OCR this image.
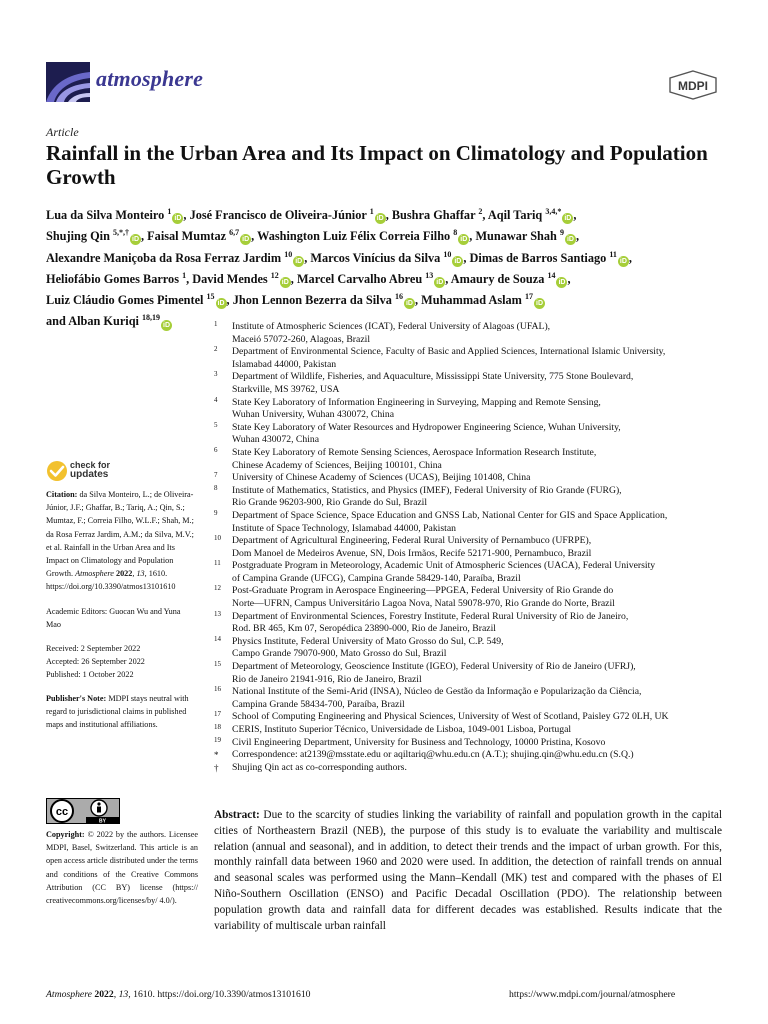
atmosphere	MDPI
Article
Rainfall in the Urban Area and Its Impact on Climatology and Population Growth
Lua da Silva Monteiro $^1$iD , José Francisco de Oliveira-Júnior $^1$iD , Bushra Ghaffar $^2$, Aqil Tariq $^{3,4,*}$iD ,
Shujing Qin $^{5,*,\dagger}$iD , Faisal Mumtaz $^{6,7}$iD , Washington Luiz Félix Correia Filho $^8$iD , Munawar Shah $^9$iD ,
Alexandre Maniçoba da Rosa Ferraz Jardim $^{10}$iD , Marcos Vinícius da Silva $^{10}$iD , Dimas de Barros Santiago $^{11}$iD ,
Heliofábio Gomes Barros $^1$, David Mendes $^{12}$iD , Marcel Carvalho Abreu $^{13}$iD , Amaury de Souza $^{14}$iD ,
Luiz Cláudio Gomes Pimentel $^{15}$iD , Jhon Lennon Bezerra da Silva $^{16}$iD , Muhammad Aslam $^{17}$iD
and Alban Kuriqi $^{18,19}$iD	1 Institute of Atmospheric Sciences (ICAT), Federal University of Alagoas (UFAL),
Maceió 57072-260, Alagoas, Brazil
2 Department of Environmental Science, Faculty of Basic and Applied Sciences, International Islamic University,
Islamabad 44000, Pakistan
3 Department of Wildlife, Fisheries, and Aquaculture, Mississippi State University, 775 Stone Boulevard,
Starkville, MS 39762, USA
4 State Key Laboratory of Information Engineering in Surveying, Mapping and Remote Sensing,
Wuhan University, Wuhan 430072, China
5 State Key Laboratory of Water Resources and Hydropower Engineering Science, Wuhan University,
Wuhan 430072, China
6 State Key Laboratory of Remote Sensing Sciences, Aerospace Information Research Institute,
Chinese Academy of Sciences, Beijing 100101, China
7 University of Chinese Academy of Sciences (UCAS), Beijing 101408, China
8 Institute of Mathematics, Statistics, and Physics (IMEF), Federal University of Rio Grande (FURG),
Rio Grande 96203-900, Rio Grande do Sul, Brazil
9 Department of Space Science, Space Education and GNSS Lab, National Center for GIS and Space Application,
Institute of Space Technology, Islamabad 44000, Pakistan
10 Department of Agricultural Engineering, Federal Rural University of Pernambuco (UFRPE),
Dom Manoel de Medeiros Avenue, SN, Dois Irmãos, Recife 52171-900, Pernambuco, Brazil
11 Postgraduate Program in Meteorology, Academic Unit of Atmospheric Sciences (UACA), Federal University
of Campina Grande (UFCG), Campina Grande 58429-140, Paraíba, Brazil
12 Post-Graduate Program in Aerospace Engineering—PPGEA, Federal University of Rio Grande do
Norte—UFRN, Campus Universitário Lagoa Nova, Natal 59078-970, Rio Grande do Norte, Brazil
13 Department of Environmental Sciences, Forestry Institute, Federal Rural University of Rio de Janeiro,
Rod. BR 465, Km 07, Seropédica 23890-000, Rio de Janeiro, Brazil
14 Physics Institute, Federal University of Mato Grosso do Sul, C.P. 549,
Campo Grande 79070-900, Mato Grosso do Sul, Brazil
15 Department of Meteorology, Geoscience Institute (IGEO), Federal University of Rio de Janeiro (UFRJ),
Rio de Janeiro 21941-916, Rio de Janeiro, Brazil
16 National Institute of the Semi-Arid (INSA), Núcleo de Gestão da Informação e Popularização da Ciência,
Campina Grande 58434-700, Paraíba, Brazil
17 School of Computing Engineering and Physical Sciences, University of West of Scotland, Paisley G72 0LH, UK
18 CERIS, Instituto Superior Técnico, Universidade de Lisboa, 1049-001 Lisboa, Portugal
19 Civil Engineering Department, University for Business and Technology, 10000 Pristina, Kosovo
* Correspondence: at2139@msstate.edu or aqiltariq@whu.edu.cn (A.T.); shujing.qin@whu.edu.cn (S.Q.)
† Shujing Qin act as co-corresponding authors.
check for
updates

Citation: da Silva Monteiro, L.; de Oliveira-Júnior, J.F.; Ghaffar, B.; Tariq, A.; Qin, S.; Mumtaz, F.; Correia Filho, W.L.F.; Shah, M.; da Rosa Ferraz Jardim, A.M.; da Silva, M.V.; et al. Rainfall in the Urban Area and Its Impact on Climatology and Population Growth. Atmosphere 2022, 13, 1610. https://doi.org/10.3390/atmos13101610

Academic Editors: Guocan Wu and Yuna Mao

Received: 2 September 2022
Accepted: 26 September 2022
Published: 1 October 2022

Publisher's Note: MDPI stays neutral with regard to jurisdictional claims in published maps and institutional affiliations.

cc
BY
Copyright: © 2022 by the authors. Licensee MDPI, Basel, Switzerland. This article is an open access article distributed under the terms and conditions of the Creative Commons Attribution (CC BY) license (https:// creativecommons.org/licenses/by/ 4.0/).
Abstract: Due to the scarcity of studies linking the variability of rainfall and population growth in the capital cities of Northeastern Brazil (NEB), the purpose of this study is to evaluate the variability and multiscale relation (annual and seasonal), and in addition, to detect their trends and the impact of urban growth. For this, monthly rainfall data between 1960 and 2020 were used. In addition, the detection of rainfall trends on annual and seasonal scales was performed using the Mann–Kendall (MK) test and compared with the phases of El Niño-Southern Oscillation (ENSO) and Pacific Decadal Oscillation (PDO). The relationship between population growth data and rainfall data for different decades was established. Results indicate that the variability of multiscale urban rainfall
Atmosphere 2022, 13, 1610. https://doi.org/10.3390/atmos13101610	https://www.mdpi.com/journal/atmosphere
